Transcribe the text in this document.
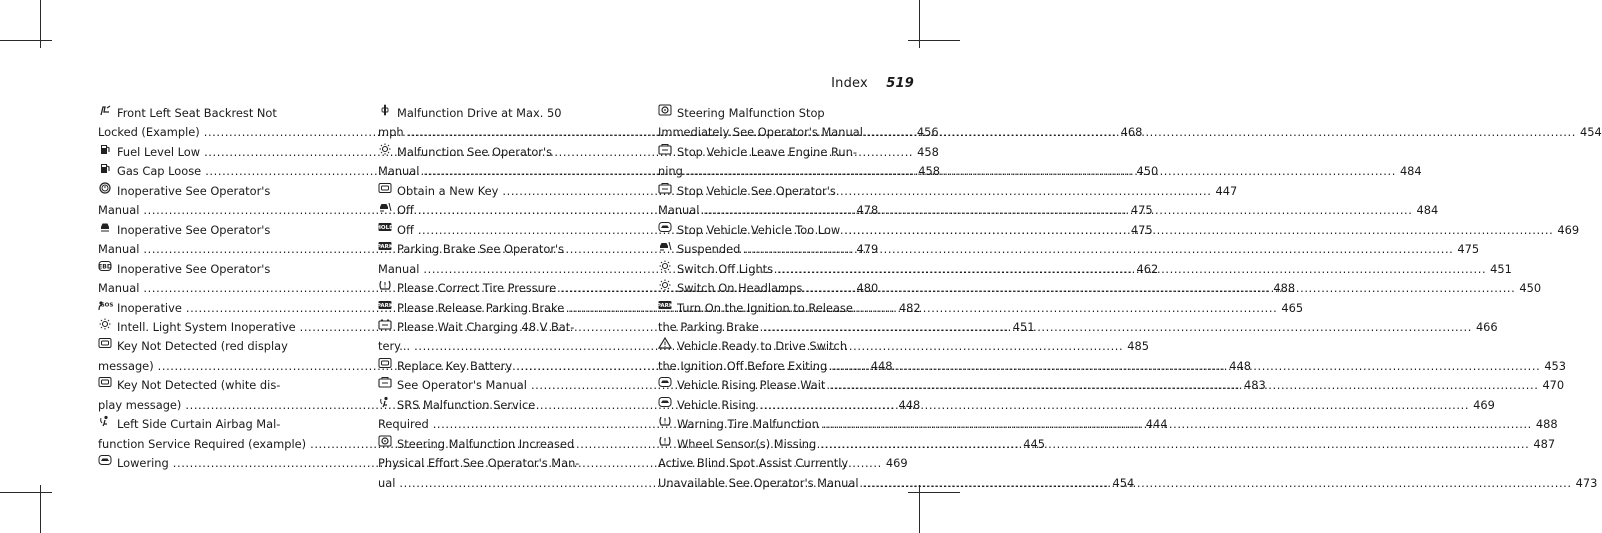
Index 519
Front Left Seat Backrest Not
Locked (Example) .....	456
Fuel Level Low .....	458
Gas Cap Loose .....	458
Inoperative See Operator's
Manual .....	478
Inoperative See Operator's
Manual .....	479
EBD Inoperative See Operator's
Manual .....	480
SOS Inoperative .....	482
Intell. Light System Inoperative .....	451
Key Not Detected (red display
message) .....	448
Key Not Detected (white dis-
play message) .....	448
Left Side Curtain Airbag Mal-
function Service Required (example) .....	445
Lowering .....	469
Malfunction Drive at Max. 50
mph .....	468
Malfunction See Operator's
Manual .....	450
Obtain a New Key .....	447
Off .....	475
HOLD Off .....	475
PARK Parking Brake See Operator's
Manual .....	462
Please Correct Tire Pressure .....	488
PARK Please Release Parking Brake .....	465
Please Wait Charging 48 V Bat-
tery... .....	485
Replace Key Battery .....	448
See Operator's Manual .....	483
SRS Malfunction Service
Required .....	444
Steering Malfunction Increased
Physical Effort See Operator's Man-
ual .....	454
Steering Malfunction Stop
Immediately See Operator's Manual .....	454
Stop Vehicle Leave Engine Run-
ning .....	484
Stop Vehicle See Operator's
Manual .....	484
Stop Vehicle Vehicle Too Low .....	469
Suspended .....	475
Switch Off Lights .....	451
Switch On Headlamps .....	450
PARK Turn On the Ignition to Release
the Parking Brake .....	466
Vehicle Ready to Drive Switch
the Ignition Off Before Exiting .....	453
Vehicle Rising Please Wait .....	470
Vehicle Rising .....	469
Warning Tire Malfunction .....	488
Wheel Sensor(s) Missing .....	487
Active Blind Spot Assist Currently
Unavailable See Operator's Manual .....	473
